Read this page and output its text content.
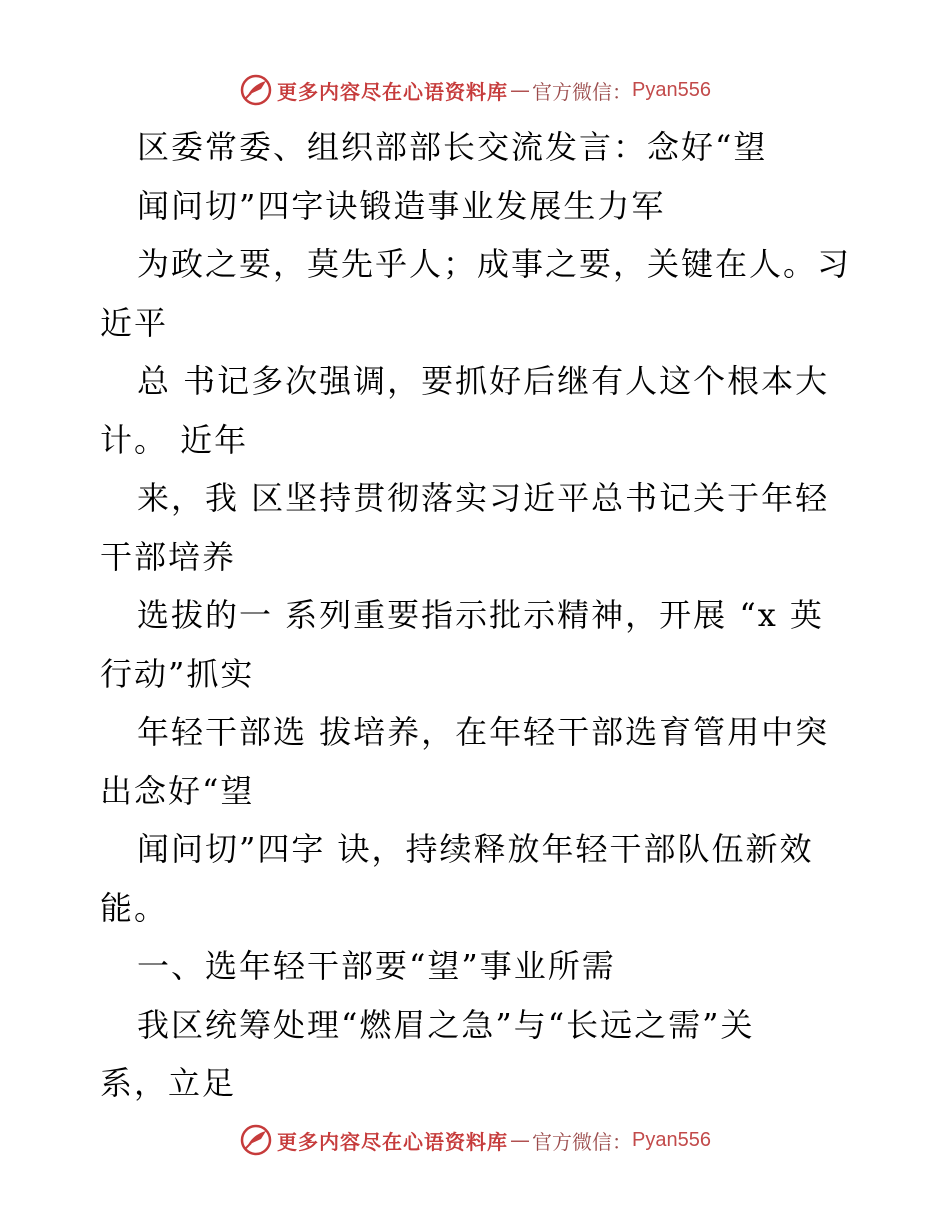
更多内容尽在心语资料库 — 官方微信： Pyan556
区委常委、组织部部长交流发言：念好“望
闻问切”四字诀锻造事业发展生力军
为政之要，莫先乎人；成事之要，关键在人。习
近平
总 书记多次强调，要抓好后继有人这个根本大
计。 近年
来，我 区坚持贯彻落实习近平总书记关于年轻
干部培养
选拔的一 系列重要指示批示精神，开展 “x 英
行动”抓实
年轻干部选 拔培养，在年轻干部选育管用中突
出念好“望
闻问切”四字 诀，持续释放年轻干部队伍新效
能。
一、选年轻干部要“望”事业所需
我区统筹处理“燃眉之急”与“长远之需”关
系，立足
更多内容尽在心语资料库 — 官方微信： Pyan556
